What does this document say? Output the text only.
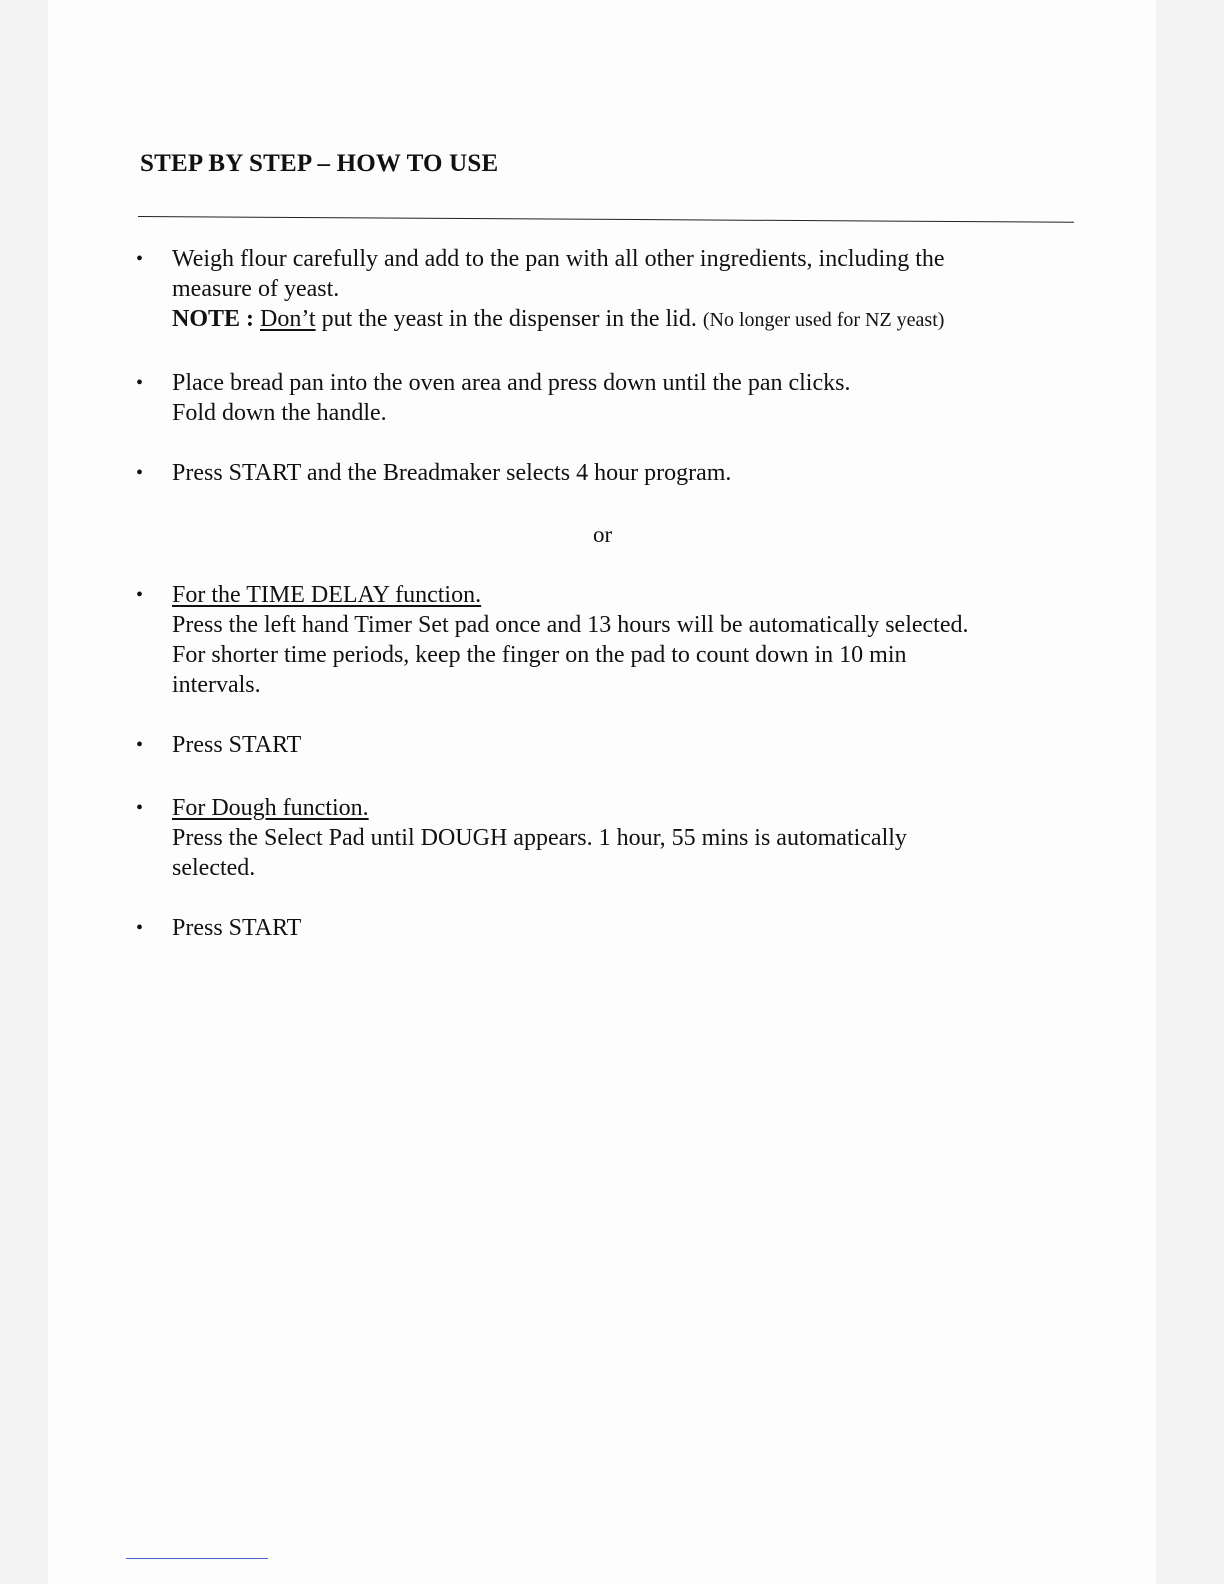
STEP BY STEP – HOW TO USE
•	Weigh flour carefully and add to the pan with all other ingredients, including the
measure of yeast.
NOTE : Don’t put the yeast in the dispenser in the lid. (No longer used for NZ yeast)
•	Place bread pan into the oven area and press down until the pan clicks.
Fold down the handle.
•	Press START and the Breadmaker selects 4 hour program.
or
•	For the TIME DELAY function.
Press the left hand Timer Set pad once and 13 hours will be automatically selected.
For shorter time periods, keep the finger on the pad to count down in 10 min
intervals.
•	Press START
•	For Dough function.
Press the Select Pad until DOUGH appears. 1 hour, 55 mins is automatically
selected.
•	Press START
